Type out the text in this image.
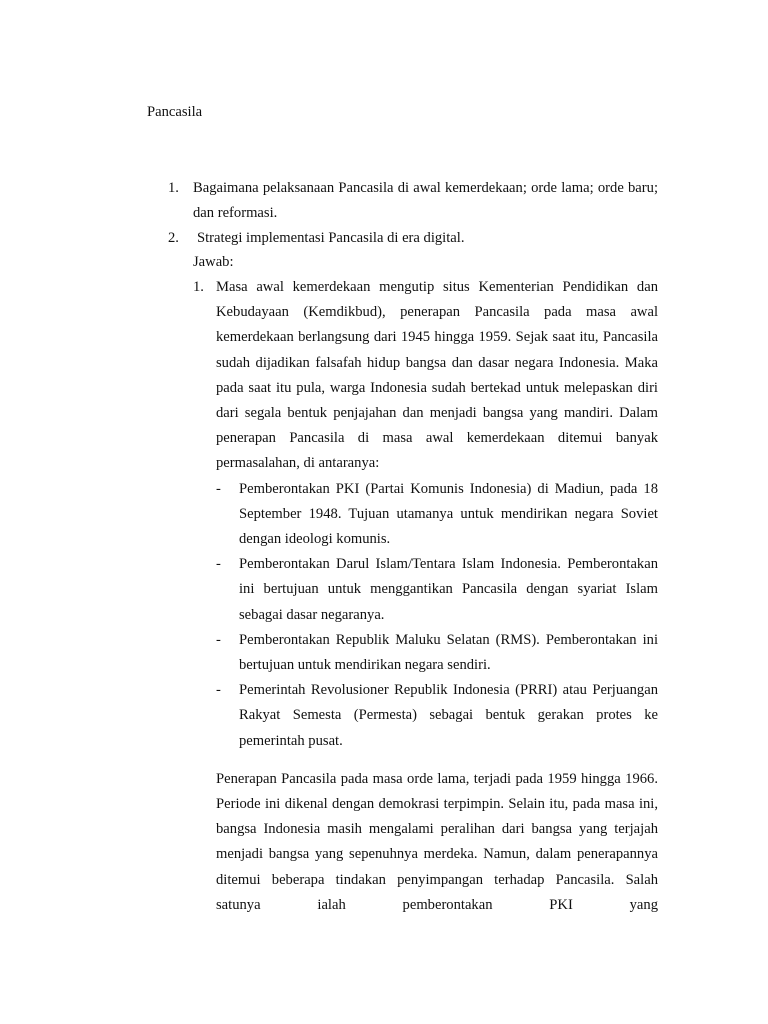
Pancasila
1. Bagaimana pelaksanaan Pancasila di awal kemerdekaan; orde lama; orde baru; dan reformasi.
2. Strategi implementasi Pancasila di era digital.
Jawab:
1. Masa awal kemerdekaan mengutip situs Kementerian Pendidikan dan Kebudayaan (Kemdikbud), penerapan Pancasila pada masa awal kemerdekaan berlangsung dari 1945 hingga 1959. Sejak saat itu, Pancasila sudah dijadikan falsafah hidup bangsa dan dasar negara Indonesia. Maka pada saat itu pula, warga Indonesia sudah bertekad untuk melepaskan diri dari segala bentuk penjajahan dan menjadi bangsa yang mandiri. Dalam penerapan Pancasila di masa awal kemerdekaan ditemui banyak permasalahan, di antaranya:

- Pemberontakan PKI (Partai Komunis Indonesia) di Madiun, pada 18 September 1948. Tujuan utamanya untuk mendirikan negara Soviet dengan ideologi komunis.
- Pemberontakan Darul Islam/Tentara Islam Indonesia. Pemberontakan ini bertujuan untuk menggantikan Pancasila dengan syariat Islam sebagai dasar negaranya.
- Pemberontakan Republik Maluku Selatan (RMS). Pemberontakan ini bertujuan untuk mendirikan negara sendiri.
- Pemerintah Revolusioner Republik Indonesia (PRRI) atau Perjuangan Rakyat Semesta (Permesta) sebagai bentuk gerakan protes ke pemerintah pusat.

Penerapan Pancasila pada masa orde lama, terjadi pada 1959 hingga 1966. Periode ini dikenal dengan demokrasi terpimpin. Selain itu, pada masa ini, bangsa Indonesia masih mengalami peralihan dari bangsa yang terjajah menjadi bangsa yang sepenuhnya merdeka. Namun, dalam penerapannya ditemui beberapa tindakan penyimpangan terhadap Pancasila. Salah satunya ialah pemberontakan PKI yang
